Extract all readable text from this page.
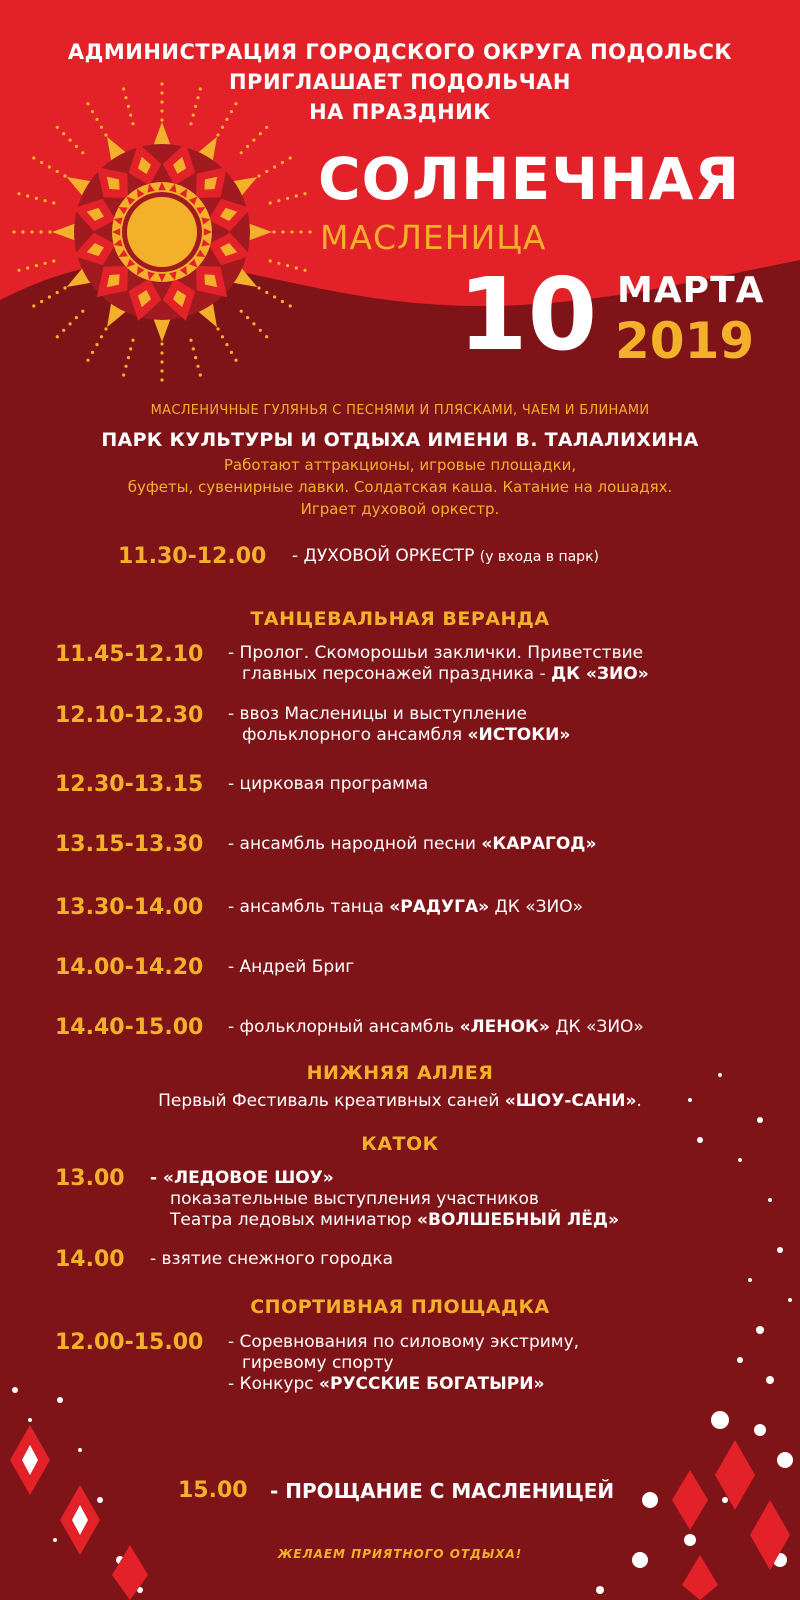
АДМИНИСТРАЦИЯ ГОРОДСКОГО ОКРУГА ПОДОЛЬСК
ПРИГЛАШАЕТ ПОДОЛЬЧАН
НА ПРАЗДНИК
СОЛНЕЧНАЯ
МАСЛЕНИЦА
10 МАРТА
2019
МАСЛЕНИЧНЫЕ ГУЛЯНЬЯ С ПЕСНЯМИ И ПЛЯСКАМИ, ЧАЕМ И БЛИНАМИ
ПАРК КУЛЬТУРЫ И ОТДЫХА ИМЕНИ В. ТАЛАЛИХИНА
Работают аттракционы, игровые площадки,
буфеты, сувенирные лавки. Солдатская каша. Катание на лошадях.
Играет духовой оркестр.
11.30-12.00 - ДУХОВОЙ ОРКЕСТР (у входа в парк)
ТАНЦЕВАЛЬНАЯ ВЕРАНДА
11.45-12.10 - Пролог. Скоморошьи заклички. Приветствие
главных персонажей праздника - ДК «ЗИО»
12.10-12.30 - ввоз Масленицы и выступление
фольклорного ансамбля «ИСТОКИ»
12.30-13.15 - цирковая программа
13.15-13.30 - ансамбль народной песни «КАРАГОД»
13.30-14.00 - ансамбль танца «РАДУГА» ДК «ЗИО»
14.00-14.20 - Андрей Бриг
14.40-15.00 - фольклорный ансамбль «ЛЕНОК» ДК «ЗИО»
НИЖНЯЯ АЛЛЕЯ
Первый Фестиваль креативных саней «ШОУ-САНИ».
КАТОК
13.00 - «ЛЕДОВОЕ ШОУ»
показательные выступления участников
Театра ледовых миниатюр «ВОЛШЕБНЫЙ ЛЁД»
14.00 - взятие снежного городка
СПОРТИВНАЯ ПЛОЩАДКА
12.00-15.00 - Соревнования по силовому экстриму,
гиревому спорту
- Конкурс «РУССКИЕ БОГАТЫРИ»
15.00 - ПРОЩАНИЕ С МАСЛЕНИЦЕЙ
ЖЕЛАЕМ ПРИЯТНОГО ОТДЫХА!
